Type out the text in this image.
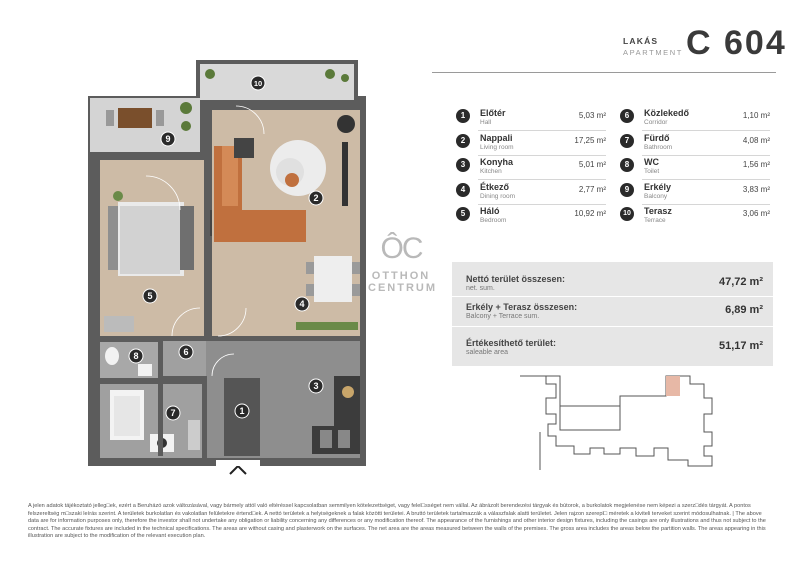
10
9
2
5
4
6
8
3
7	1
LAKÁS
APARTMENT C 604
1	Előtér
Hall
5,03 m²
2	Nappali
Living room
17,25 m²
3	Konyha
Kitchen
5,01 m²
4	Étkező
Dining room
2,77 m²
5	Háló
Bedroom
10,92 m²
6	Közlekedő
Corridor
1,10 m²
7	Fürdő
Bathroom
4,08 m²
8	WC
Toilet
1,56 m²
9	Erkély
Balcony
3,83 m²
10	Terasz
Terrace
3,06 m²
ÔC
OTTHON
CENTRUM
Nettó terület összesen:
net. sum.
47,72 m²
Erkély + Terasz összesen:
Balcony + Terrace sum.
6,89 m²
Értékesíthető terület:
saleable area
51,17 m²
A jelen adatok tájékoztató jelleg□ek, ezért a Beruházó azok változásával, vagy bármely attól való eltéréssel kapcsolatban semmilyen kötelezettséget, vagy felel□sséget nem vállal. Az ábrázolt berendezési tárgyak és bútorok, a burkolatok megjelenése nem képezi a szerz□dés tárgyát. A pontos felszereltség m□szaki leírás szerint. A területek burkolatlan és vakolatlan felületekre értend□ek. A nettó területek a helyiségeknek a falak közötti területei. A bruttó területek tartalmazzák a válaszfalak alatti területet. Jelen rajzon szerepl□ méretek a kiviteli terveket szerint módosulhatnak. | The above data are for information purposes only, therefore the investor shall not undertake any obligation or liability concerning any differences or any modification thereof. The appearance of the furnishings and other interior design fixtures, including the casings are only illustrations and thus not subject to the contract. The accurate fixtures are included in the technical specifications. The areas are without casing and plasterwork on the surfaces. The net area are the areas measured between the walls of the premises. The gross area includes the areas below the partition walls. The areas appearing in this illustration are subject to the modification of the relevant execution plan.
